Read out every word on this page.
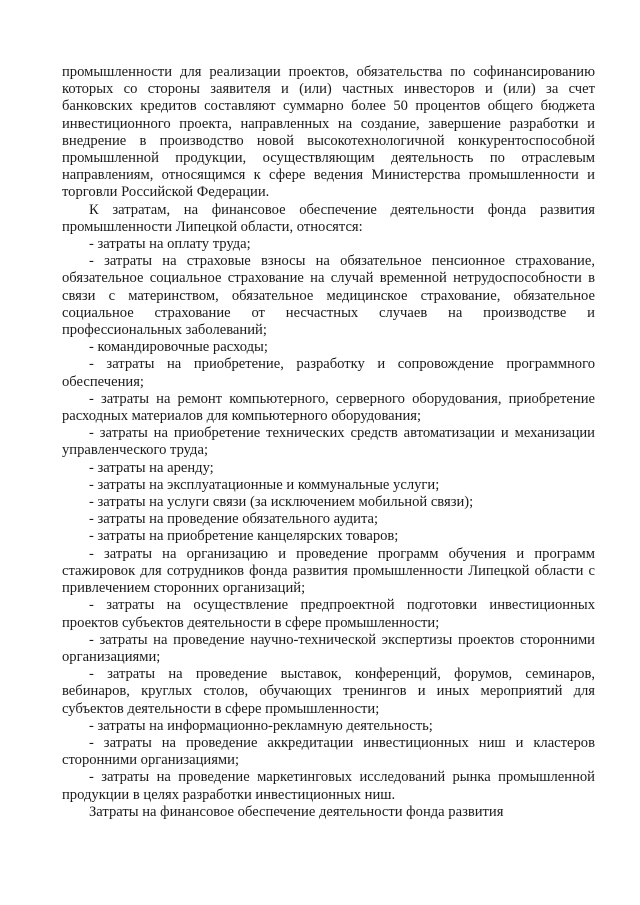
промышленности для реализации проектов, обязательства по софинансированию которых со стороны заявителя и (или) частных инвесторов и (или) за счет банковских кредитов составляют суммарно более 50 процентов общего бюджета инвестиционного проекта, направленных на создание, завершение разработки и внедрение в производство новой высокотехнологичной конкурентоспособной промышленной продукции, осуществляющим деятельность по отраслевым направлениям, относящимся к сфере ведения Министерства промышленности и торговли Российской Федерации.

К затратам, на финансовое обеспечение деятельности фонда развития промышленности Липецкой области, относятся:

- затраты на оплату труда;

- затраты на страховые взносы на обязательное пенсионное страхование, обязательное социальное страхование на случай временной нетрудоспособности в связи с материнством, обязательное медицинское страхование, обязательное социальное страхование от несчастных случаев на производстве и профессиональных заболеваний;

- командировочные расходы;

- затраты на приобретение, разработку и сопровождение программного обеспечения;

- затраты на ремонт компьютерного, серверного оборудования, приобретение расходных материалов для компьютерного оборудования;

- затраты на приобретение технических средств автоматизации и механизации управленческого труда;

- затраты на аренду;

- затраты на эксплуатационные и коммунальные услуги;

- затраты на услуги связи (за исключением мобильной связи);

- затраты на проведение обязательного аудита;

- затраты на приобретение канцелярских товаров;

- затраты на организацию и проведение программ обучения и программ стажировок для сотрудников фонда развития промышленности Липецкой области с привлечением сторонних организаций;

- затраты на осуществление предпроектной подготовки инвестиционных проектов субъектов деятельности в сфере промышленности;

- затраты на проведение научно-технической экспертизы проектов сторонними организациями;

- затраты на проведение выставок, конференций, форумов, семинаров, вебинаров, круглых столов, обучающих тренингов и иных мероприятий для субъектов деятельности в сфере промышленности;

- затраты на информационно-рекламную деятельность;

- затраты на проведение аккредитации инвестиционных ниш и кластеров сторонними организациями;

- затраты на проведение маркетинговых исследований рынка промышленной продукции в целях разработки инвестиционных ниш.

Затраты на финансовое обеспечение деятельности фонда развития
